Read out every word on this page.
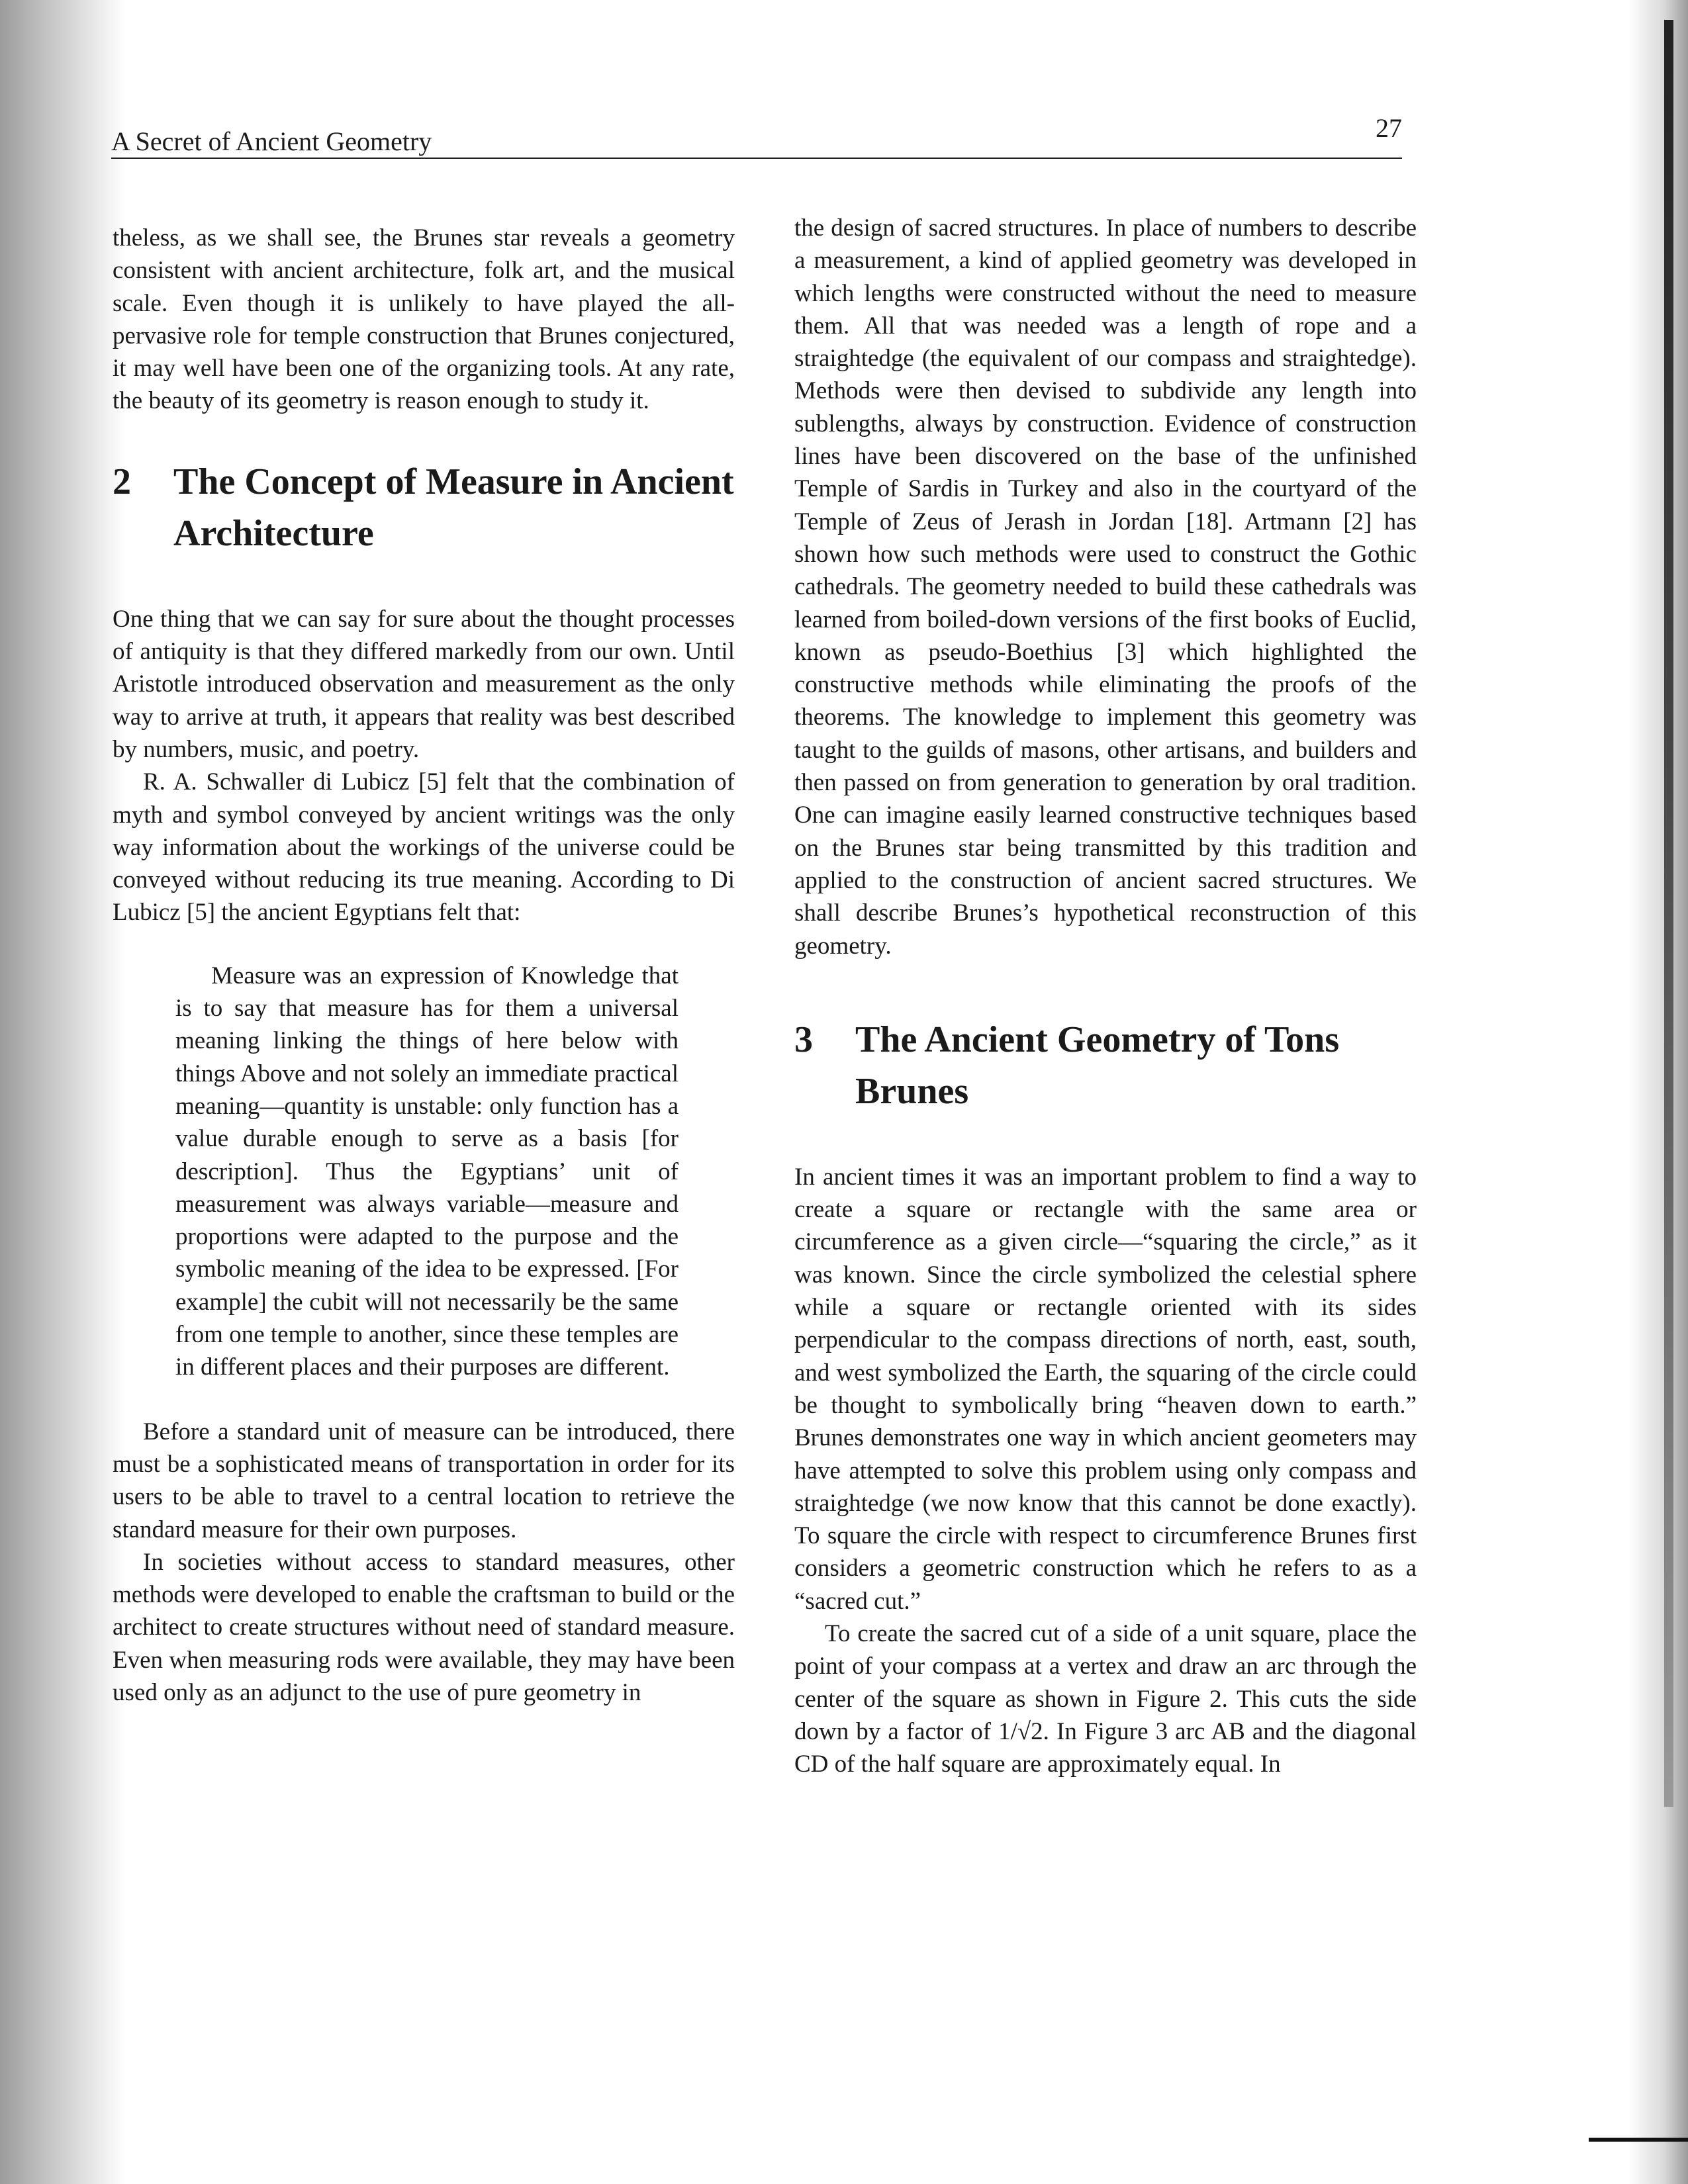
A Secret of Ancient Geometry	27

theless, as we shall see, the Brunes star reveals a geometry consistent with ancient architecture, folk art, and the musical scale. Even though it is unlikely to have played the all-pervasive role for temple construction that Brunes conjectured, it may well have been one of the organizing tools. At any rate, the beauty of its geometry is reason enough to study it.

2	The Concept of Measure in Ancient Architecture

One thing that we can say for sure about the thought processes of antiquity is that they differed markedly from our own. Until Aristotle introduced observation and measurement as the only way to arrive at truth, it appears that reality was best described by numbers, music, and poetry.

R. A. Schwaller di Lubicz [5] felt that the combination of myth and symbol conveyed by ancient writings was the only way information about the workings of the universe could be conveyed without reducing its true meaning. According to Di Lubicz [5] the ancient Egyptians felt that:

Measure was an expression of Knowledge that is to say that measure has for them a universal meaning linking the things of here below with things Above and not solely an immediate practical meaning—quantity is unstable: only function has a value durable enough to serve as a basis [for description]. Thus the Egyptians’ unit of measurement was always variable—measure and proportions were adapted to the purpose and the symbolic meaning of the idea to be expressed. [For example] the cubit will not necessarily be the same from one temple to another, since these temples are in different places and their purposes are different.

Before a standard unit of measure can be introduced, there must be a sophisticated means of transportation in order for its users to be able to travel to a central location to retrieve the standard measure for their own purposes.

In societies without access to standard measures, other methods were developed to enable the craftsman to build or the architect to create structures without need of standard measure. Even when measuring rods were available, they may have been used only as an adjunct to the use of pure geometry in

the design of sacred structures. In place of numbers to describe a measurement, a kind of applied geometry was developed in which lengths were constructed without the need to measure them. All that was needed was a length of rope and a straightedge (the equivalent of our compass and straightedge). Methods were then devised to subdivide any length into sublengths, always by construction. Evidence of construction lines have been discovered on the base of the unfinished Temple of Sardis in Turkey and also in the courtyard of the Temple of Zeus of Jerash in Jordan [18]. Artmann [2] has shown how such methods were used to construct the Gothic cathedrals. The geometry needed to build these cathedrals was learned from boiled-down versions of the first books of Euclid, known as pseudo-Boethius [3] which highlighted the constructive methods while eliminating the proofs of the theorems. The knowledge to implement this geometry was taught to the guilds of masons, other artisans, and builders and then passed on from generation to generation by oral tradition. One can imagine easily learned constructive techniques based on the Brunes star being transmitted by this tradition and applied to the construction of ancient sacred structures. We shall describe Brunes’s hypothetical reconstruction of this geometry.

3	The Ancient Geometry of Tons Brunes

In ancient times it was an important problem to find a way to create a square or rectangle with the same area or circumference as a given circle—“squaring the circle,” as it was known. Since the circle symbolized the celestial sphere while a square or rectangle oriented with its sides perpendicular to the compass directions of north, east, south, and west symbolized the Earth, the squaring of the circle could be thought to symbolically bring “heaven down to earth.” Brunes demonstrates one way in which ancient geometers may have attempted to solve this problem using only compass and straightedge (we now know that this cannot be done exactly). To square the circle with respect to circumference Brunes first considers a geometric construction which he refers to as a “sacred cut.”

To create the sacred cut of a side of a unit square, place the point of your compass at a vertex and draw an arc through the center of the square as shown in Figure 2. This cuts the side down by a factor of 1/√2. In Figure 3 arc AB and the diagonal CD of the half square are approximately equal. In
